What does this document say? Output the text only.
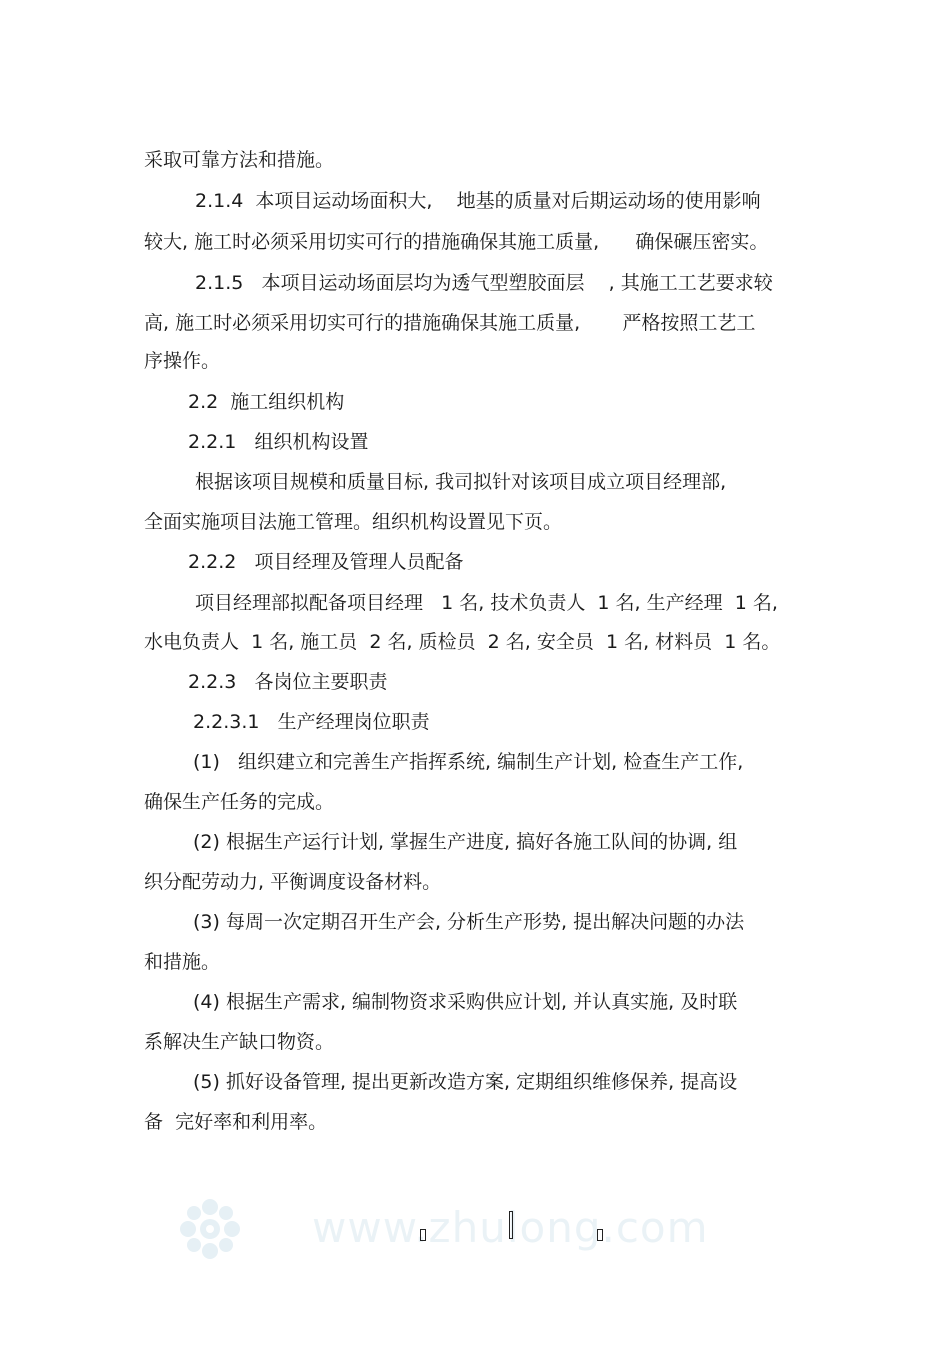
采取可靠方法和措施。
2.1.4  本项目运动场面积大,    地基的质量对后期运动场的使用影响
较大, 施工时必须采用切实可行的措施确保其施工质量,      确保碾压密实。
2.1.5   本项目运动场面层均为透气型塑胶面层    , 其施工工艺要求较
高, 施工时必须采用切实可行的措施确保其施工质量,       严格按照工艺工
序操作。
2.2  施工组织机构
2.2.1   组织机构设置
根据该项目规模和质量目标, 我司拟针对该项目成立项目经理部,
全面实施项目法施工管理。组织机构设置见下页。
2.2.2   项目经理及管理人员配备
项目经理部拟配备项目经理   1 名, 技术负责人  1 名, 生产经理  1 名,
水电负责人  1 名, 施工员  2 名, 质检员  2 名, 安全员  1 名, 材料员  1 名。
2.2.3   各岗位主要职责
2.2.3.1   生产经理岗位职责
(1)   组织建立和完善生产指挥系统, 编制生产计划, 检查生产工作,
确保生产任务的完成。
(2) 根据生产运行计划, 掌握生产进度, 搞好各施工队间的协调, 组
织分配劳动力, 平衡调度设备材料。
(3) 每周一次定期召开生产会, 分析生产形势, 提出解决问题的办法
和措施。
(4) 根据生产需求, 编制物资求采购供应计划, 并认真实施, 及时联
系解决生产缺口物资。
(5) 抓好设备管理, 提出更新改造方案, 定期组织维修保养, 提高设
备  完好率和利用率。
www.zhulong.com
